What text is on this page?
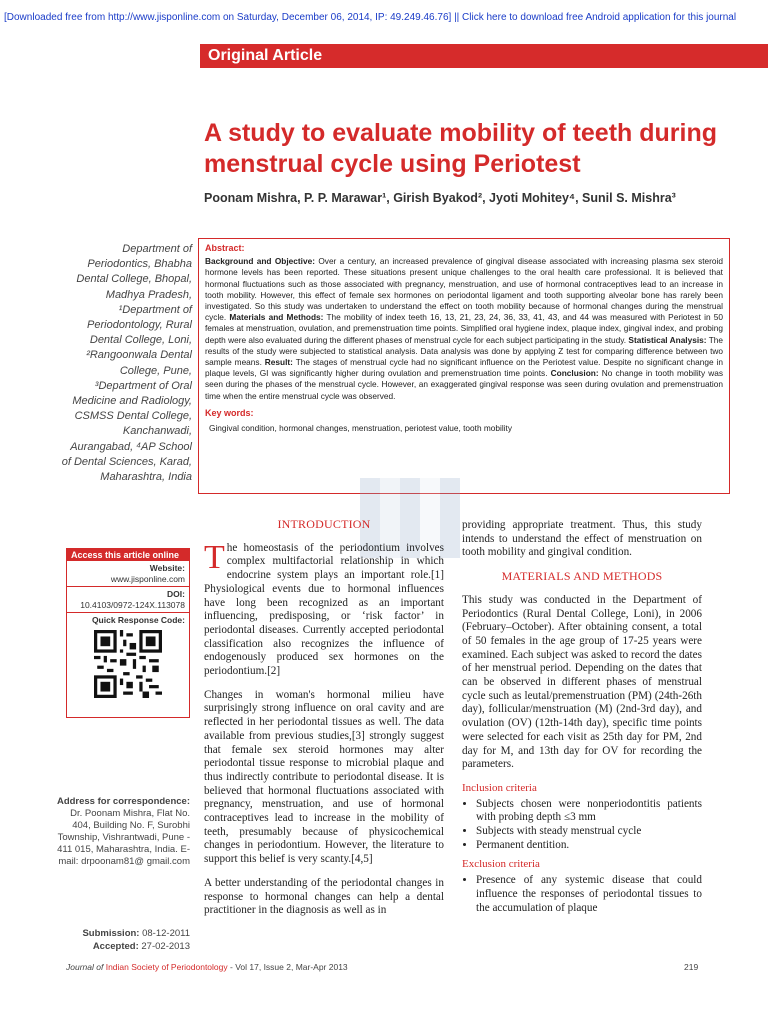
[Downloaded free from http://www.jisponline.com on Saturday, December 06, 2014, IP: 49.249.46.76] || Click here to download free Android application for this journal
Original Article
A study to evaluate mobility of teeth during menstrual cycle using Periotest
Poonam Mishra, P. P. Marawar¹, Girish Byakod², Jyoti Mohitey⁴, Sunil S. Mishra³
Department of Periodontics, Bhabha Dental College, Bhopal, Madhya Pradesh, ¹Department of Periodontology, Rural Dental College, Loni, ²Rangoonwala Dental College, Pune, ³Department of Oral Medicine and Radiology, CSMSS Dental College, Kanchanwadi, Aurangabad, ⁴AP School of Dental Sciences, Karad, Maharashtra, India
Abstract:

Background and Objective: Over a century, an increased prevalence of gingival disease associated with increasing plasma sex steroid hormone levels has been reported. These situations present unique challenges to the oral health care professional. It is believed that hormonal fluctuations such as those associated with pregnancy, menstruation, and use of hormonal contraceptives lead to an increase in tooth mobility. However, this effect of female sex hormones on periodontal ligament and tooth supporting alveolar bone has rarely been investigated. So this study was undertaken to understand the effect on tooth mobility because of hormonal changes during the menstrual cycle. Materials and Methods: The mobility of index teeth 16, 13, 21, 23, 24, 36, 33, 41, 43, and 44 was measured with Periotest in 50 females at menstruation, ovulation, and premenstruation time points. Simplified oral hygiene index, plaque index, gingival index, and probing depth were also evaluated during the different phases of menstrual cycle for each subject participating in the study. Statistical Analysis: The results of the study were subjected to statistical analysis. Data analysis was done by applying Z test for comparing difference between two sample means. Result: The stages of menstrual cycle had no significant influence on the Periotest value. Despite no significant change in plaque levels, GI was significantly higher during ovulation and premenstruation time points. Conclusion: No change in tooth mobility was seen during the phases of the menstrual cycle. However, an exaggerated gingival response was seen during ovulation and premenstruation time when the entire menstrual cycle was observed.

Key words:
Gingival condition, hormonal changes, menstruation, periotest value, tooth mobility
Access this article online
Website:
www.jisponline.com
DOI:
10.4103/0972-124X.113078
Quick Response Code:
Address for correspondence:
Dr. Poonam Mishra, Flat No. 404, Building No. F, Surobhi Township, Vishrantwadi, Pune - 411 015, Maharashtra, India. E-mail: drpoonam81@ gmail.com
Submission: 08-12-2011
Accepted: 27-02-2013
INTRODUCTION

The homeostasis of the periodontium involves complex multifactorial relationship in which endocrine system plays an important role.[1] Physiological events due to hormonal influences have long been recognized as an important influencing, predisposing, or ‘risk factor’ in periodontal diseases. Currently accepted periodontal classification also recognizes the influence of endogenously produced sex hormones on the periodontium.[2]

Changes in woman's hormonal milieu have surprisingly strong influence on oral cavity and are reflected in her periodontal tissues as well. The data available from previous studies,[3] strongly suggest that female sex steroid hormones may alter periodontal tissue response to microbial plaque and thus indirectly contribute to periodontal disease. It is believed that hormonal fluctuations associated with pregnancy, menstruation, and use of hormonal contraceptives lead to increase in the mobility of teeth, presumably because of physicochemical changes in periodontium. However, the literature to support this belief is very scanty.[4,5]

A better understanding of the periodontal changes in response to hormonal changes can help a dental practitioner in the diagnosis as well as in

providing appropriate treatment. Thus, this study intends to understand the effect of menstruation on tooth mobility and gingival condition.

MATERIALS AND METHODS

This study was conducted in the Department of Periodontics (Rural Dental College, Loni), in 2006 (February–October). After obtaining consent, a total of 50 females in the age group of 17-25 years were examined. Each subject was asked to record the dates of her menstrual period. Depending on the dates that can be observed in different phases of menstrual cycle such as leutal/premenstruation (PM) (24th-26th day), follicular/menstruation (M) (2nd-3rd day), and ovulation (OV) (12th-14th day), specific time points were selected for each visit as 25th day for PM, 2nd day for M, and 13th day for OV for recording the parameters.

Inclusion criteria
• Subjects chosen were nonperiodontitis patients with probing depth ≤3 mm
• Subjects with steady menstrual cycle
• Permanent dentition.
Exclusion criteria
• Presence of any systemic disease that could influence the responses of periodontal tissues to the accumulation of plaque
Journal of Indian Society of Periodontology - Vol 17, Issue 2, Mar-Apr 2013	219
